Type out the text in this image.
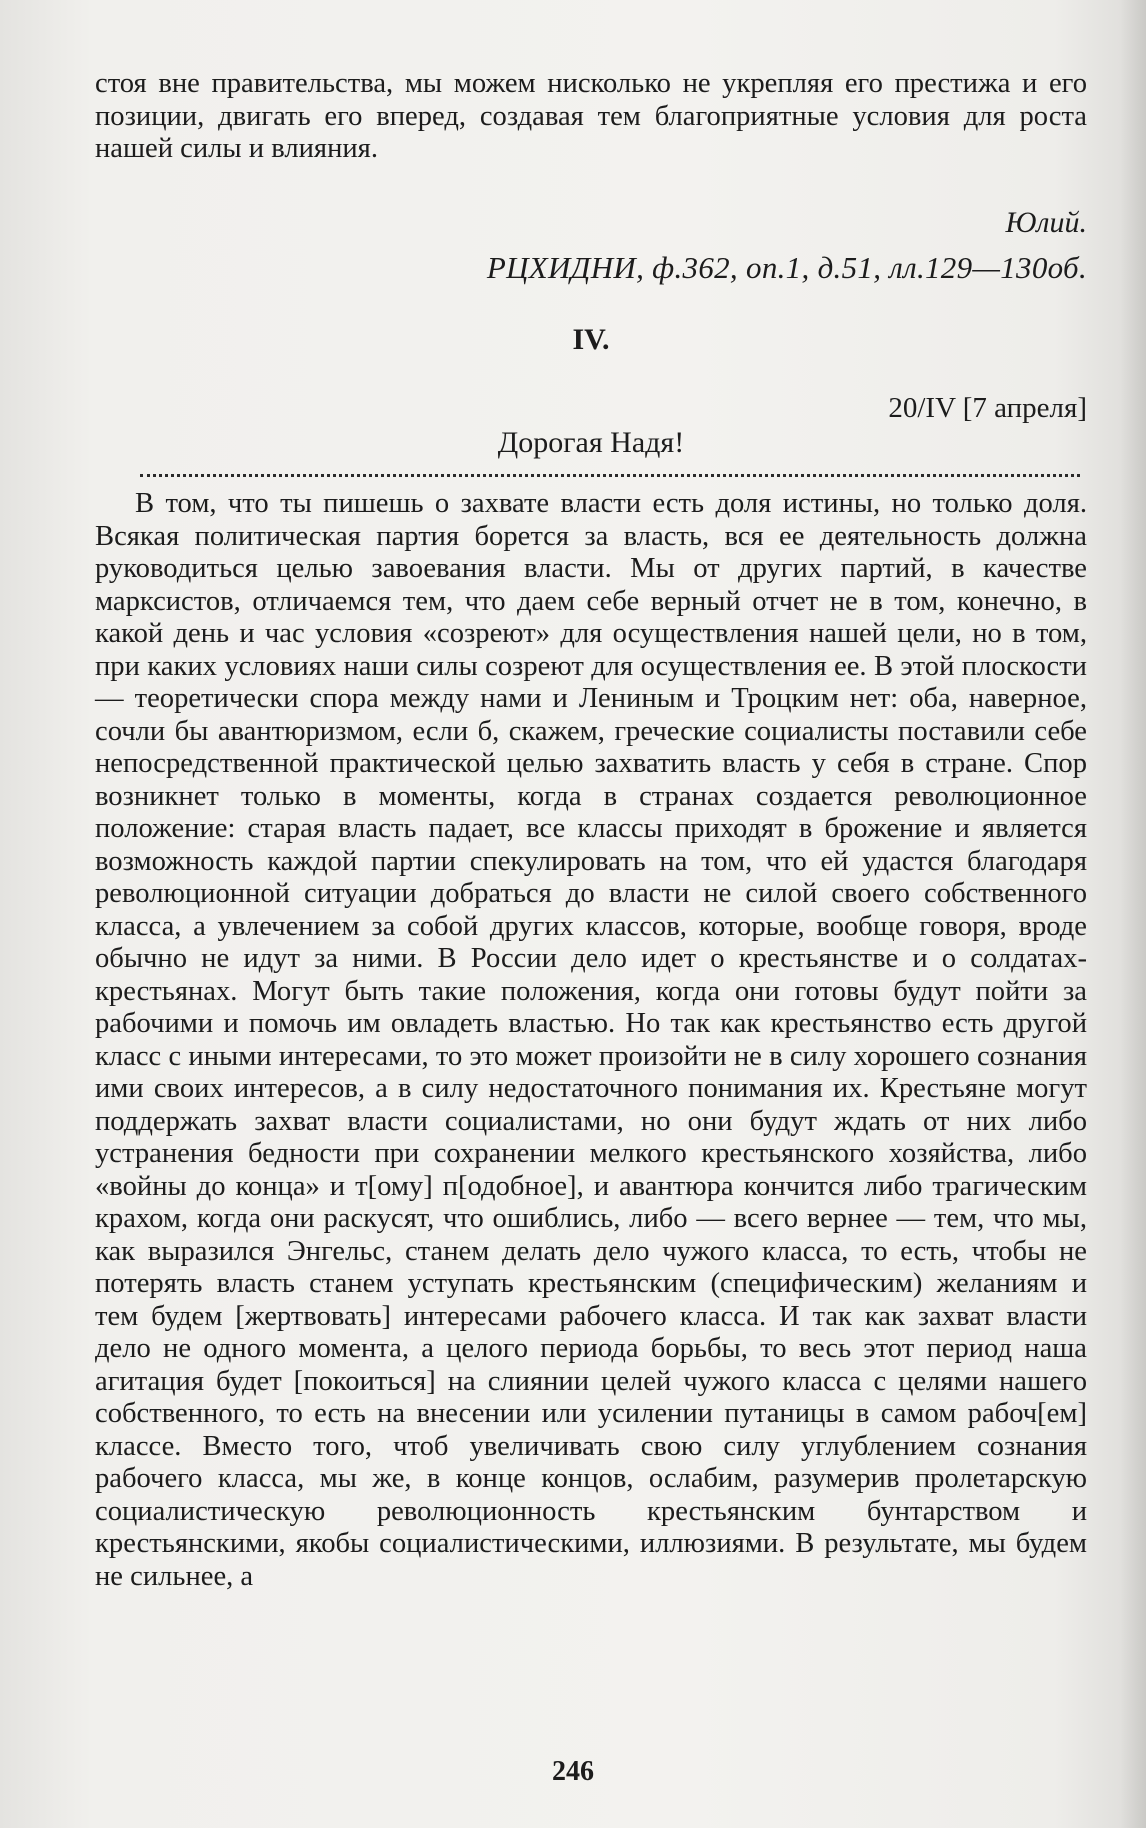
стоя вне правительства, мы можем нисколько не укрепляя его престижа и его позиции, двигать его вперед, создавая тем благоприятные условия для роста нашей силы и влияния.

Юлий.
РЦХИДНИ, ф.362, оп.1, д.51, лл.129—130об.
IV.
20/IV [7 апреля]
Дорогая Надя!

В том, что ты пишешь о захвате власти есть доля истины, но только доля. Всякая политическая партия борется за власть, вся ее деятельность должна руководиться целью завоевания власти. Мы от других партий, в качестве марксистов, отличаемся тем, что даем себе верный отчет не в том, конечно, в какой день и час условия «созреют» для осуществления нашей цели, но в том, при каких условиях наши силы созреют для осуществления ее. В этой плоскости — теоретически спора между нами и Лениным и Троцким нет: оба, наверное, сочли бы авантюризмом, если б, скажем, греческие социалисты поставили себе непосредственной практической целью захватить власть у себя в стране. Спор возникнет только в моменты, когда в странах создается революционное положение: старая власть падает, все классы приходят в брожение и является возможность каждой партии спекулировать на том, что ей удастся благодаря революционной ситуации добраться до власти не силой своего собственного класса, а увлечением за собой других классов, которые, вообще говоря, вроде обычно не идут за ними. В России дело идет о крестьянстве и о солдатах-крестьянах. Могут быть такие положения, когда они готовы будут пойти за рабочими и помочь им овладеть властью. Но так как крестьянство есть другой класс с иными интересами, то это может произойти не в силу хорошего сознания ими своих интересов, а в силу недостаточного понимания их. Крестьяне могут поддержать захват власти социалистами, но они будут ждать от них либо устранения бедности при сохранении мелкого крестьянского хозяйства, либо «войны до конца» и т[ому] п[одобное], и авантюра кончится либо трагическим крахом, когда они раскусят, что ошиблись, либо — всего вернее — тем, что мы, как выразился Энгельс, станем делать дело чужого класса, то есть, чтобы не потерять власть станем уступать крестьянским (специфическим) желаниям и тем будем [жертвовать] интересами рабочего класса. И так как захват власти дело не одного момента, а целого периода борьбы, то весь этот период наша агитация будет [покоиться] на слиянии целей чужого класса с целями нашего собственного, то есть на внесении или усилении путаницы в самом рабоч[ем] классе. Вместо того, чтоб увеличивать свою силу углублением сознания рабочего класса, мы же, в конце концов, ослабим, разумерив пролетарскую социалистическую революционность крестьянским бунтарством и крестьянскими, якобы социалистическими, иллюзиями. В результате, мы будем не сильнее, а

246
